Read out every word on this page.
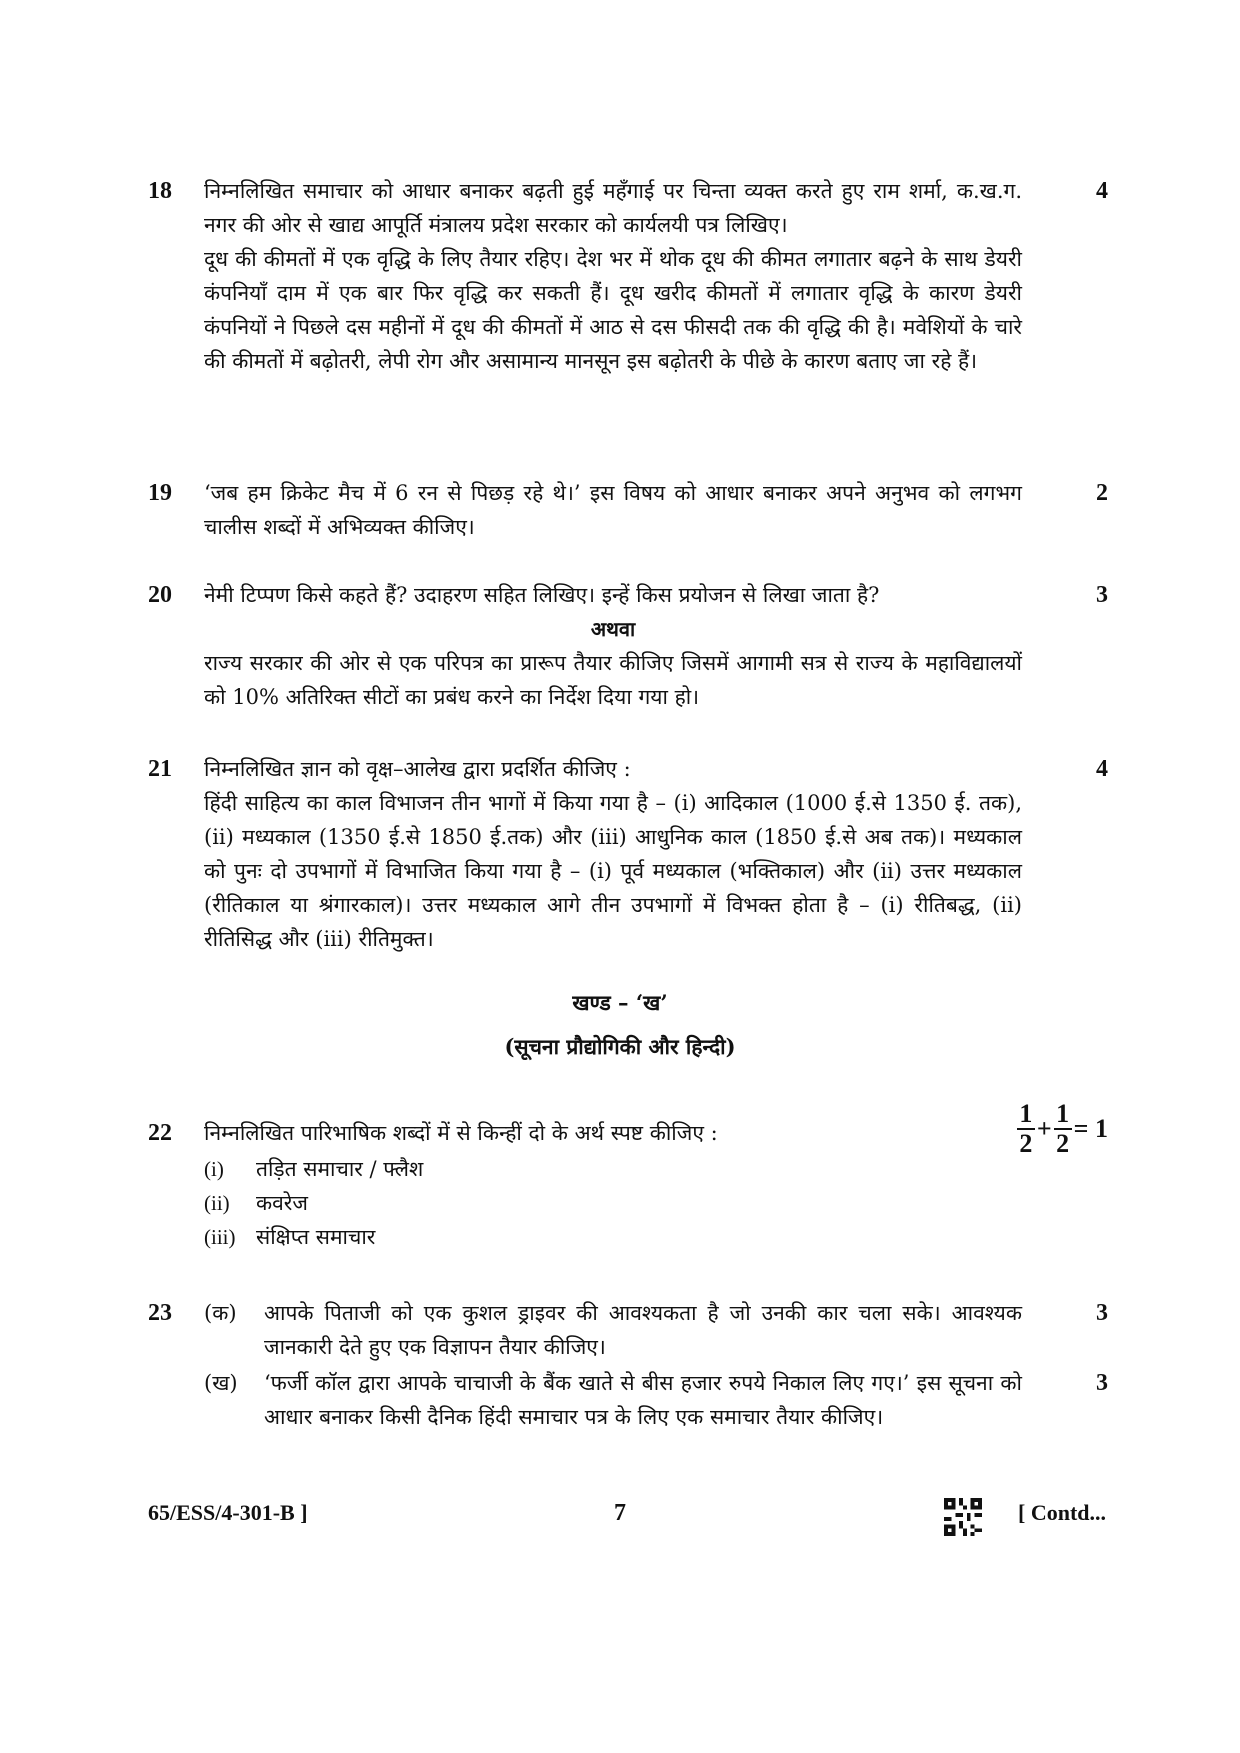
18	निम्नलिखित समाचार को आधार बनाकर बढ़ती हुई महँगाई पर चिन्ता व्यक्त करते हुए राम शर्मा, क.ख.ग. नगर की ओर से खाद्य आपूर्ति मंत्रालय प्रदेश सरकार को कार्यलयी पत्र लिखिए।

दूध की कीमतों में एक वृद्धि के लिए तैयार रहिए। देश भर में थोक दूध की कीमत लगातार बढ़ने के साथ डेयरी कंपनियाँ दाम में एक बार फिर वृद्धि कर सकती हैं। दूध खरीद कीमतों में लगातार वृद्धि के कारण डेयरी कंपनियों ने पिछले दस महीनों में दूध की कीमतों में आठ से दस फीसदी तक की वृद्धि की है। मवेशियों के चारे की कीमतों में बढ़ोतरी, लेपी रोग और असामान्य मानसून इस बढ़ोतरी के पीछे के कारण बताए जा रहे हैं।

4
19	‘जब हम क्रिकेट मैच में 6 रन से पिछड़ रहे थे।’ इस विषय को आधार बनाकर अपने अनुभव को लगभग चालीस शब्दों में अभिव्यक्त कीजिए।

2
20	नेमी टिप्पण किसे कहते हैं? उदाहरण सहित लिखिए। इन्हें किस प्रयोजन से लिखा जाता है?

अथवा

राज्य सरकार की ओर से एक परिपत्र का प्रारूप तैयार कीजिए जिसमें आगामी सत्र से राज्य के महाविद्यालयों को 10% अतिरिक्त सीटों का प्रबंध करने का निर्देश दिया गया हो।

3
21	निम्नलिखित ज्ञान को वृक्ष–आलेख द्वारा प्रदर्शित कीजिए :

हिंदी साहित्य का काल विभाजन तीन भागों में किया गया है – (i) आदिकाल (1000 ई.से 1350 ई. तक), (ii) मध्यकाल (1350 ई.से 1850 ई.तक) और (iii) आधुनिक काल (1850 ई.से अब तक)। मध्यकाल को पुनः दो उपभागों में विभाजित किया गया है – (i) पूर्व मध्यकाल (भक्तिकाल) और (ii) उत्तर मध्यकाल (रीतिकाल या श्रंगारकाल)। उत्तर मध्यकाल आगे तीन उपभागों में विभक्त होता है – (i) रीतिबद्ध, (ii) रीतिसिद्ध और (iii) रीतिमुक्त।

4
खण्ड – ‘ख’
(सूचना प्रौद्योगिकी और हिन्दी)
22	निम्नलिखित पारिभाषिक शब्दों में से किन्हीं दो के अर्थ स्पष्ट कीजिए :

(i) तड़ित समाचार / फ्लैश
(ii) कवरेज
(iii) संक्षिप्त समाचार
$\frac{1}{2} + \frac{1}{2} = 1$
23	(क) आपके पिताजी को एक कुशल ड्राइवर की आवश्यकता है जो उनकी कार चला सके। आवश्यक जानकारी देते हुए एक विज्ञापन तैयार कीजिए।

3
(ख) ‘फर्जी कॉल द्वारा आपके चाचाजी के बैंक खाते से बीस हजार रुपये निकाल लिए गए।’ इस सूचना को आधार बनाकर किसी दैनिक हिंदी समाचार पत्र के लिए एक समाचार तैयार कीजिए।

3
65/ESS/4-301-B ]	7	[ Contd...
